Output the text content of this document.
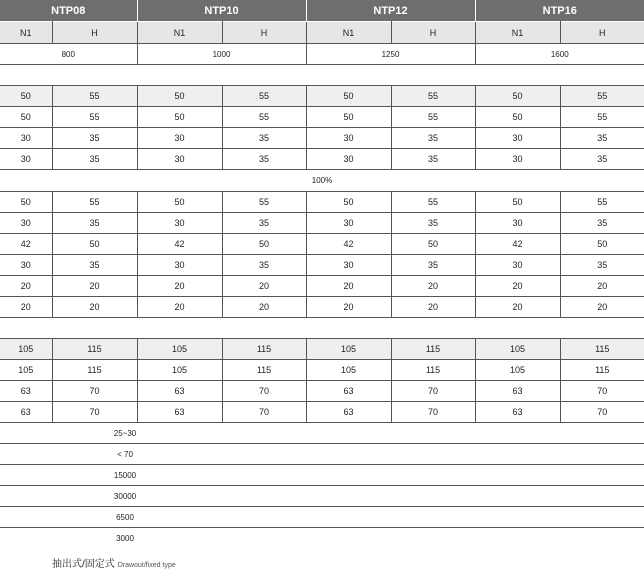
NTP08		NTP10		NTP12		NTP16	
N1	H	N1	H	N1	H	N1	H
800		1000		1250		1600	

50	55	50	55	50	55	50	55
50	55	50	55	50	55	50	55
30	35	30	35	30	35	30	35
30	35	30	35	30	35	30	35
100%							
50	55	50	55	50	55	50	55
30	35	30	35	30	35	30	35
42	50	42	50	42	50	42	50
30	35	30	35	30	35	30	35
20	20	20	20	20	20	20	20
20	20	20	20	20	20	20	20

105	115	105	115	105	115	105	115
105	115	105	115	105	115	105	115
63	70	63	70	63	70	63	70
63	70	63	70	63	70	63	70
25~30							
< 70							
15000							
30000							
6500							
3000							
抽出式/固定式 Drawout/fixed type
